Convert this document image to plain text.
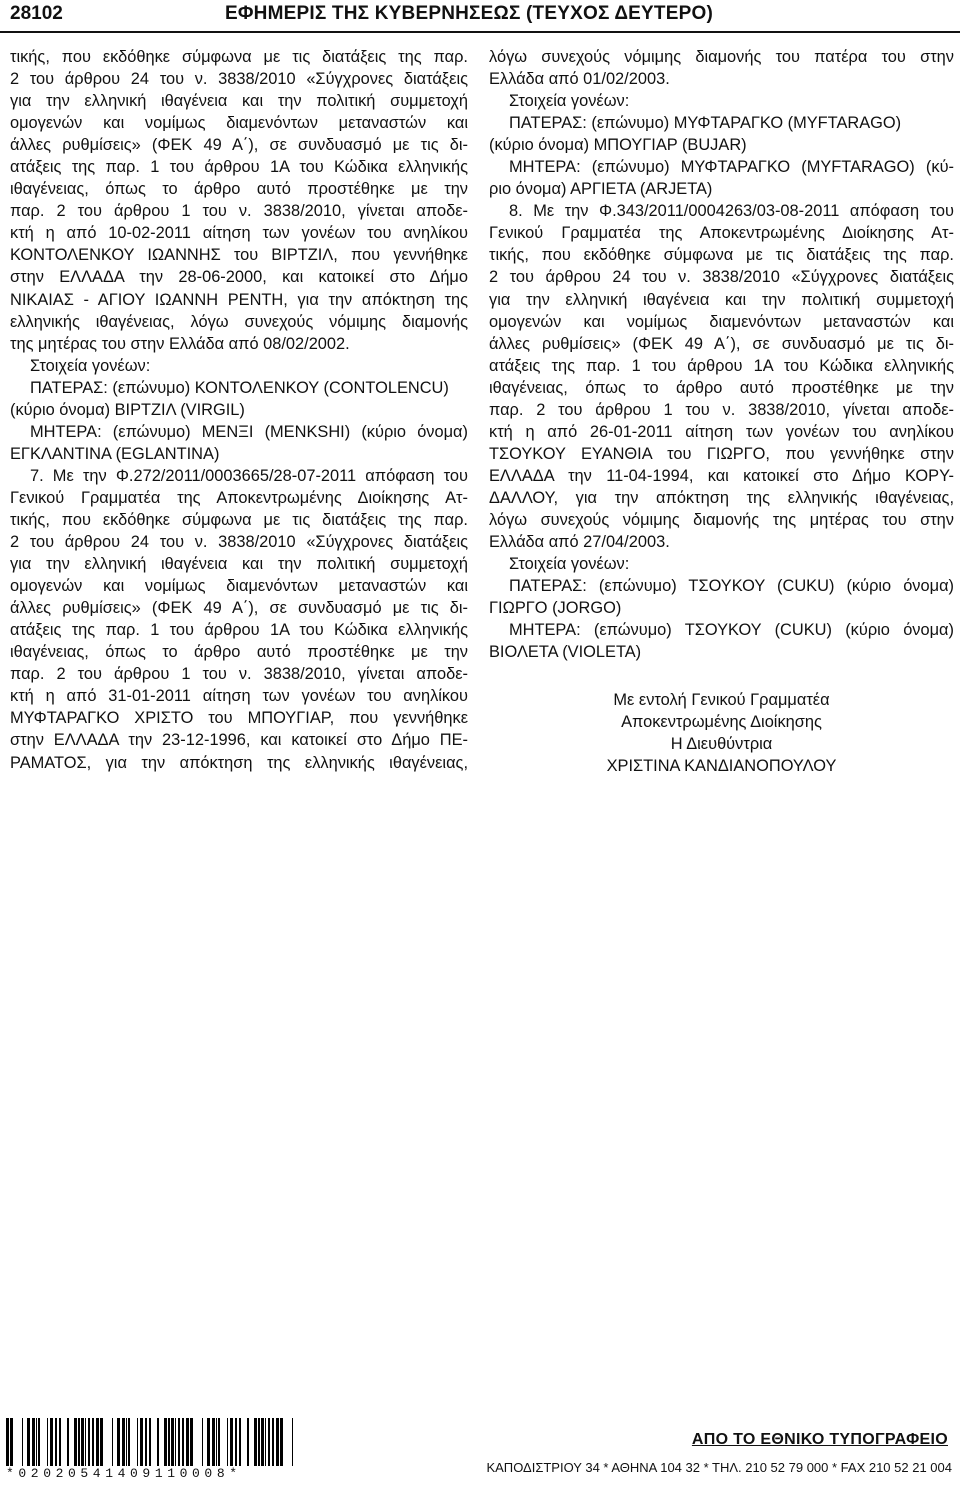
28102	ΕΦΗΜΕΡΙΣ ΤΗΣ ΚΥΒΕΡΝΗΣΕΩΣ (ΤΕΥΧΟΣ ΔΕΥΤΕΡΟ)
τικής, που εκδόθηκε σύμφωνα με τις διατάξεις της παρ.
2 του άρθρου 24 του ν. 3838/2010 «Σύγχρονες διατάξεις
για την ελληνική ιθαγένεια και την πολιτική συμμετοχή
ομογενών και νομίμως διαμενόντων μεταναστών και
άλλες ρυθμίσεις» (ΦΕΚ 49 Α΄), σε συνδυασμό με τις δι-
ατάξεις της παρ. 1 του άρθρου 1Α του Κώδικα ελληνικής
ιθαγένειας, όπως το άρθρο αυτό προστέθηκε με την
παρ. 2 του άρθρου 1 του ν. 3838/2010, γίνεται αποδε-
κτή η από 10-02-2011 αίτηση των γονέων του ανηλίκου
ΚΟΝΤΟΛΕΝΚΟΥ ΙΩΑΝΝΗΣ του ΒΙΡΤΖΙΛ, που γεννήθηκε
στην ΕΛΛΑΔΑ την 28-06-2000, και κατοικεί στο Δήμο
ΝΙΚΑΙΑΣ - ΑΓΙΟΥ ΙΩΑΝΝΗ ΡΕΝΤΗ, για την απόκτηση της
ελληνικής ιθαγένειας, λόγω συνεχούς νόμιμης διαμονής
της μητέρας του στην Ελλάδα από 08/02/2002.
Στοιχεία γονέων:
ΠΑΤΕΡΑΣ: (επώνυμο) ΚΟΝΤΟΛΕΝΚΟΥ (CONTOLENCU)
(κύριο όνομα) ΒΙΡΤΖΙΛ (VIRGIL)
ΜΗΤΕΡΑ: (επώνυμο) ΜΕΝΞΙ (MENKSHI) (κύριο όνομα)
ΕΓΚΛΑΝΤΙΝΑ (EGLANTINA)
7. Με την Φ.272/2011/0003665/28-07-2011 απόφαση του
Γενικού Γραμματέα της Αποκεντρωμένης Διοίκησης Ατ-
τικής, που εκδόθηκε σύμφωνα με τις διατάξεις της παρ.
2 του άρθρου 24 του ν. 3838/2010 «Σύγχρονες διατάξεις
για την ελληνική ιθαγένεια και την πολιτική συμμετοχή
ομογενών και νομίμως διαμενόντων μεταναστών και
άλλες ρυθμίσεις» (ΦΕΚ 49 Α΄), σε συνδυασμό με τις δι-
ατάξεις της παρ. 1 του άρθρου 1Α του Κώδικα ελληνικής
ιθαγένειας, όπως το άρθρο αυτό προστέθηκε με την
παρ. 2 του άρθρου 1 του ν. 3838/2010, γίνεται αποδε-
κτή η από 31-01-2011 αίτηση των γονέων του ανηλίκου
ΜΥΦΤΑΡΑΓΚΟ ΧΡΙΣΤΟ του ΜΠΟΥΓΙΑΡ, που γεννήθηκε
στην ΕΛΛΑΔΑ την 23-12-1996, και κατοικεί στο Δήμο ΠΕ-
ΡΑΜΑΤΟΣ, για την απόκτηση της ελληνικής ιθαγένειας,
λόγω συνεχούς νόμιμης διαμονής του πατέρα του στην
Ελλάδα από 01/02/2003.
Στοιχεία γονέων:
ΠΑΤΕΡΑΣ: (επώνυμο) ΜΥΦΤΑΡΑΓΚΟ (MYFTARAGO)
(κύριο όνομα) ΜΠΟΥΓΙΑΡ (BUJAR)
ΜΗΤΕΡΑ: (επώνυμο) ΜΥΦΤΑΡΑΓΚΟ (MYFTARAGO) (κύ-
ριο όνομα) ΑΡΓΙΕΤΑ (ARJETA)
8. Με την Φ.343/2011/0004263/03-08-2011 απόφαση του
Γενικού Γραμματέα της Αποκεντρωμένης Διοίκησης Ατ-
τικής, που εκδόθηκε σύμφωνα με τις διατάξεις της παρ.
2 του άρθρου 24 του ν. 3838/2010 «Σύγχρονες διατάξεις
για την ελληνική ιθαγένεια και την πολιτική συμμετοχή
ομογενών και νομίμως διαμενόντων μεταναστών και
άλλες ρυθμίσεις» (ΦΕΚ 49 Α΄), σε συνδυασμό με τις δι-
ατάξεις της παρ. 1 του άρθρου 1Α του Κώδικα ελληνικής
ιθαγένειας, όπως το άρθρο αυτό προστέθηκε με την
παρ. 2 του άρθρου 1 του ν. 3838/2010, γίνεται αποδε-
κτή η από 26-01-2011 αίτηση των γονέων του ανηλίκου
ΤΣΟΥΚΟΥ ΕΥΑΝΘΙΑ του ΓΙΩΡΓΟ, που γεννήθηκε στην
ΕΛΛΑΔΑ την 11-04-1994, και κατοικεί στο Δήμο ΚΟΡΥ-
ΔΑΛΛΟΥ, για την απόκτηση της ελληνικής ιθαγένειας,
λόγω συνεχούς νόμιμης διαμονής της μητέρας του στην
Ελλάδα από 27/04/2003.
Στοιχεία γονέων:
ΠΑΤΕΡΑΣ: (επώνυμο) ΤΣΟΥΚΟΥ (CUKU) (κύριο όνομα)
ΓΙΩΡΓΟ (JORGO)
ΜΗΤΕΡΑ: (επώνυμο) ΤΣΟΥΚΟΥ (CUKU) (κύριο όνομα)
ΒΙΟΛΕΤΑ (VIOLETA)
Με εντολή Γενικού Γραμματέα
Αποκεντρωμένης Διοίκησης
Η Διευθύντρια
ΧΡΙΣΤΙΝΑ ΚΑΝΔΙΑΝΟΠΟΥΛΟΥ
*02020541409110008*
ΑΠΟ ΤΟ ΕΘΝΙΚΟ ΤΥΠΟΓΡΑΦΕΙΟ
ΚΑΠΟΔΙΣΤΡΙΟΥ 34 * ΑΘΗΝΑ 104 32 * ΤΗΛ. 210 52 79 000 * FAX 210 52 21 004
